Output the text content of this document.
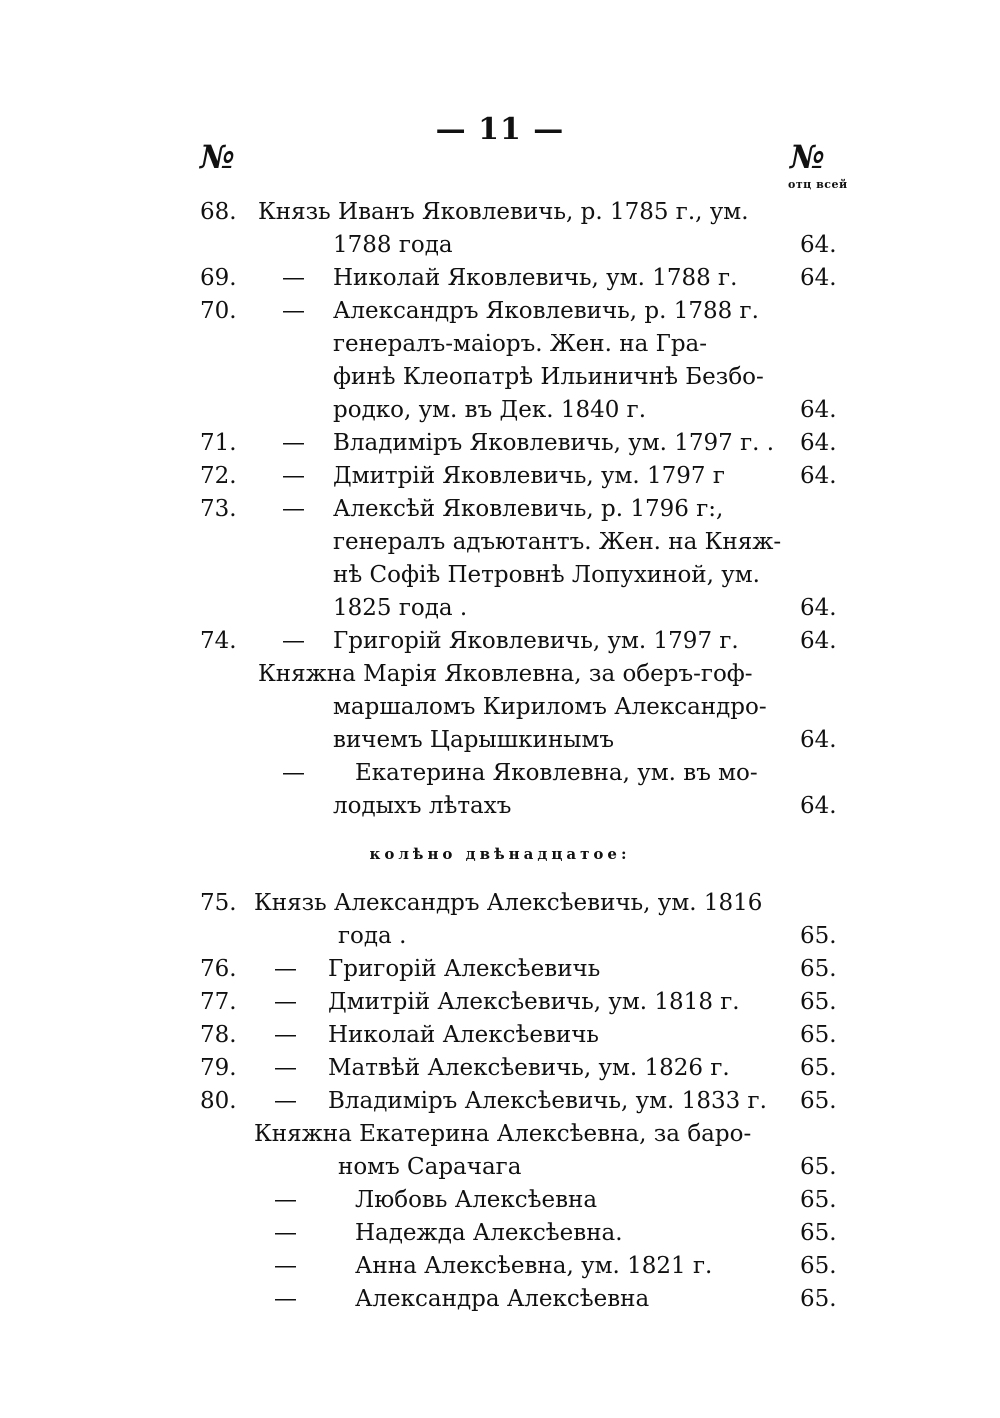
— 11 —
№	№
отц всей
68. Князь Иванъ Яковлевичь, р. 1785 г., ум.
1788 года	64.
69. — Николай Яковлевичь, ум. 1788 г.	64.
70. — Александръ Яковлевичь, р. 1788 г.
генералъ-маіоръ. Жен. на Гра-
финѣ Клеопатрѣ Ильиничнѣ Безбо-
родко, ум. въ Дек. 1840 г.	64.
71. — Владиміръ Яковлевичь, ум. 1797 г. . 64.
72. — Дмитрій Яковлевичь, ум. 1797 г	64.
73. — Алексѣй Яковлевичь, р. 1796 г:,
генералъ адъютантъ. Жен. на Княж-
нѣ Софіѣ Петровнѣ Лопухиной, ум.
1825 года .	64.
74. — Григорій Яковлевичь, ум. 1797 г.	64.
Княжна Марія Яковлевна, за оберъ-гоф-
маршаломъ Кириломъ Александро-
вичемъ Царышкинымъ	64.
— Екатерина Яковлевна, ум. въ мо-
лодыхъ лѣтахъ	64.
колѣно двѣнадцатое:
75. Князь Александръ Алексѣевичь, ум. 1816
года .	65.
76. — Григорій Алексѣевичь	65.
77. — Дмитрій Алексѣевичь, ум. 1818 г.	65.
78. — Николай Алексѣевичь	65.
79. — Матвѣй Алексѣевичь, ум. 1826 г.	65.
80. — Владиміръ Алексѣевичь, ум. 1833 г. 65.
Княжна Екатерина Алексѣевна, за баро-
номъ Сарачага	65.
—	Любовь Алексѣевна	65.
—	Надежда Алексѣевна.	65.
—	Анна Алексѣевна, ум. 1821 г.	65.
—	Александра Алексѣевна	65.
